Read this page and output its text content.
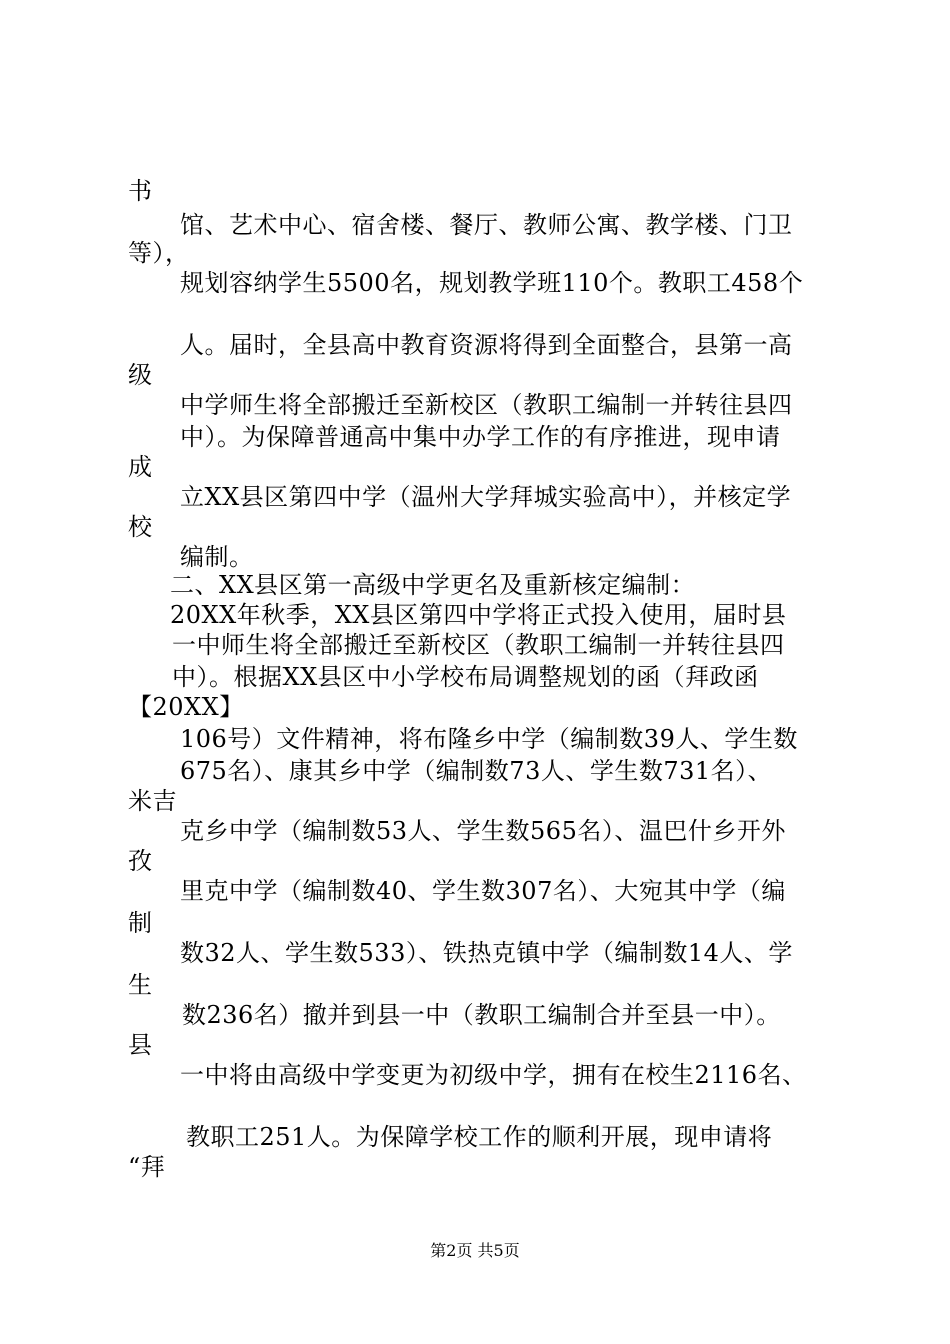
书
馆、艺术中心、宿舍楼、餐厅、教师公寓、教学楼、门卫
等），
规划容纳学生5500名，规划教学班110个。教职工458个
人。届时，全县高中教育资源将得到全面整合，县第一高
级
中学师生将全部搬迁至新校区（教职工编制一并转往县四
中）。为保障普通高中集中办学工作的有序推进，现申请
成
立XX县区第四中学（温州大学拜城实验高中），并核定学
校
编制。
二、XX县区第一高级中学更名及重新核定编制：
20XX年秋季，XX县区第四中学将正式投入使用，届时县
一中师生将全部搬迁至新校区（教职工编制一并转往县四
中）。根据XX县区中小学校布局调整规划的函（拜政函
【20XX】
106号）文件精神，将布隆乡中学（编制数39人、学生数
675名）、康其乡中学（编制数73人、学生数731名）、
米吉
克乡中学（编制数53人、学生数565名）、温巴什乡开外
孜
里克中学（编制数40、学生数307名）、大宛其中学（编
制
数32人、学生数533）、铁热克镇中学（编制数14人、学
生
数236名）撤并到县一中（教职工编制合并至县一中）。
县
一中将由高级中学变更为初级中学，拥有在校生2116名、
教职工251人。为保障学校工作的顺利开展，现申请将
“拜
第2页 共5页
